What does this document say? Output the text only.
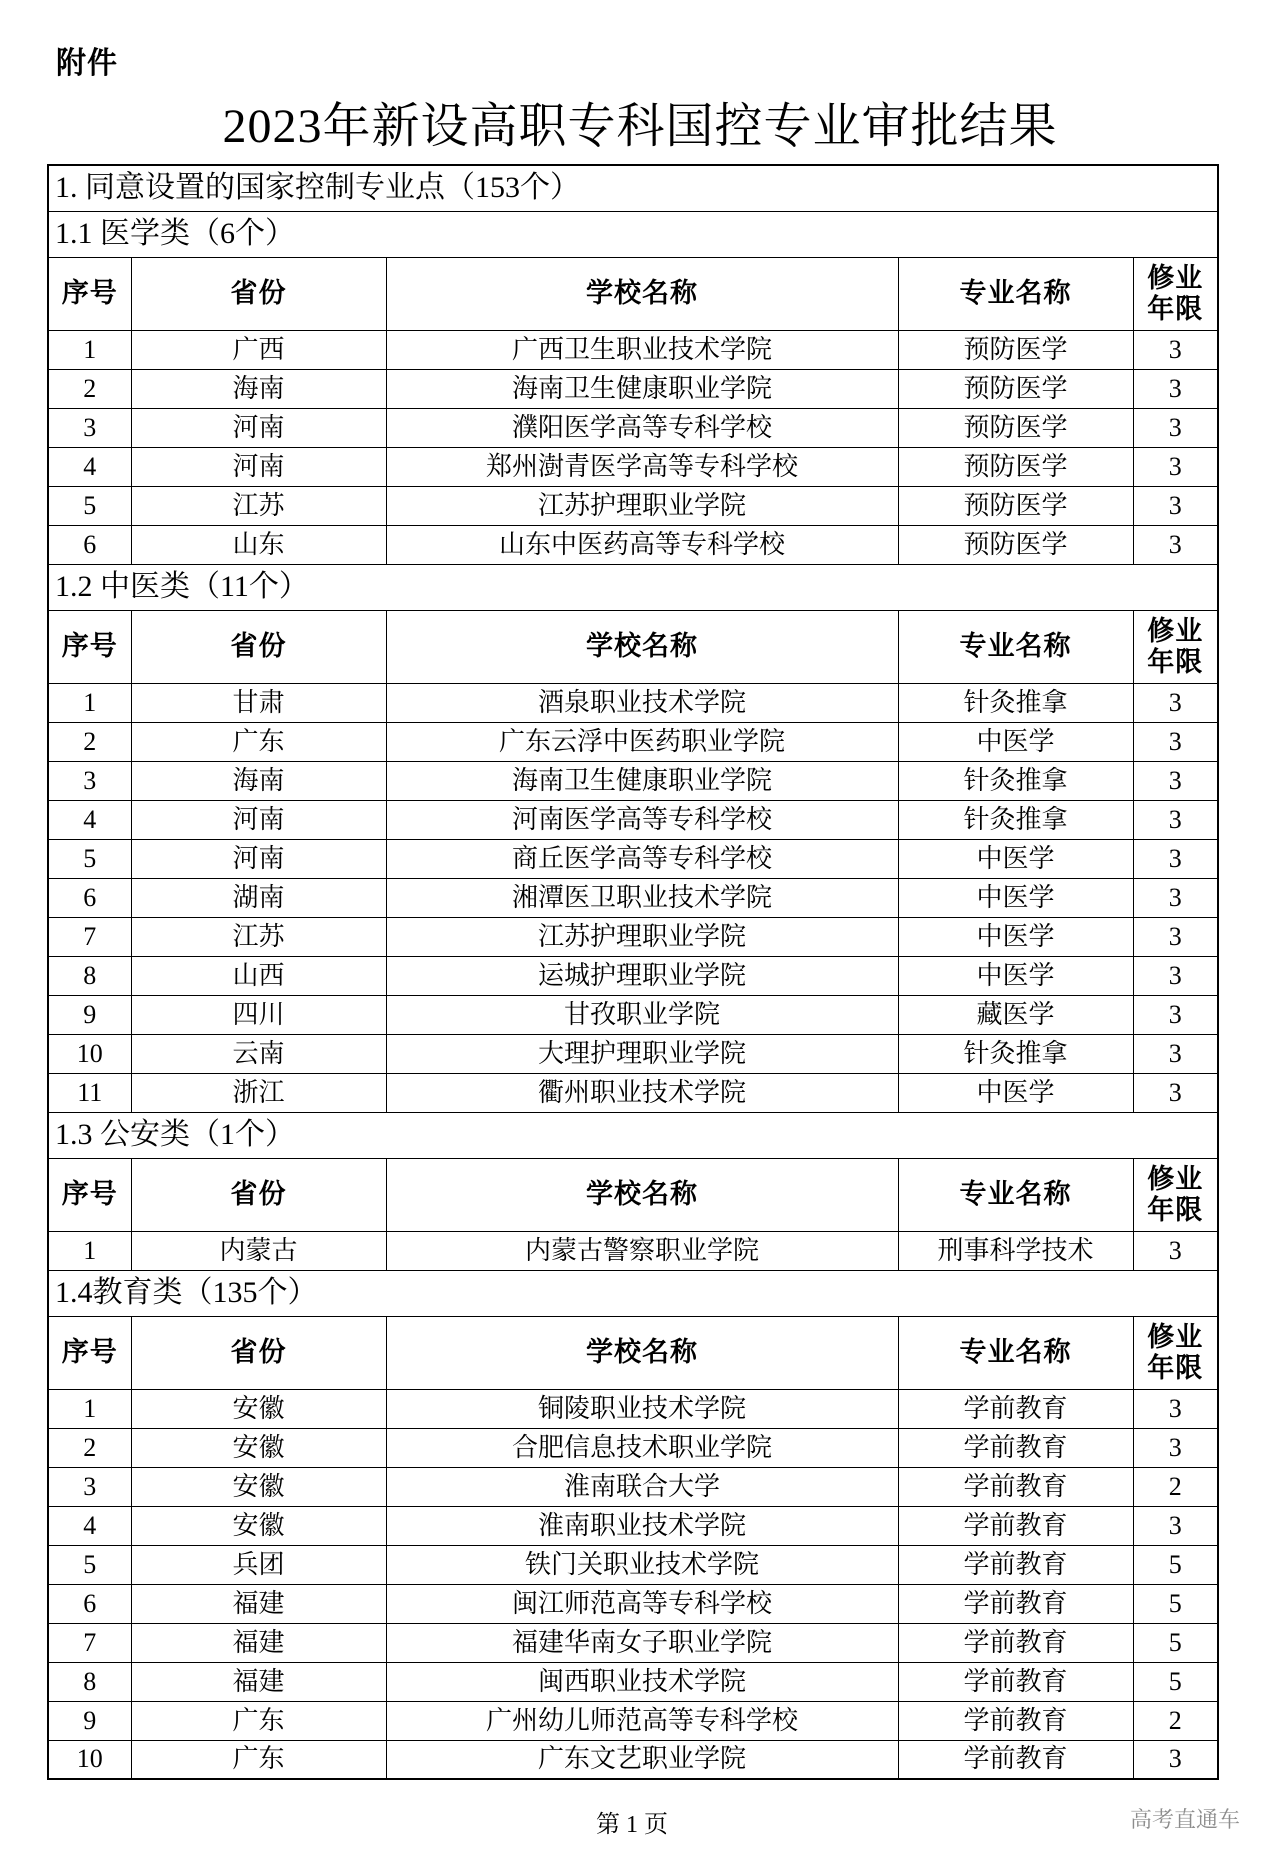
附件
2023年新设高职专科国控专业审批结果
1. 同意设置的国家控制专业点（153个）				
1.1 医学类（6个）				
序号	省份	学校名称	专业名称	修业
年限

1	广西	广西卫生职业技术学院	预防医学	3
2	海南	海南卫生健康职业学院	预防医学	3
3	河南	濮阳医学高等专科学校	预防医学	3
4	河南	郑州澍青医学高等专科学校	预防医学	3
5	江苏	江苏护理职业学院	预防医学	3
6	山东	山东中医药高等专科学校	预防医学	3
1.2 中医类（11个）				
序号	省份	学校名称	专业名称	修业
年限

1	甘肃	酒泉职业技术学院	针灸推拿	3
2	广东	广东云浮中医药职业学院	中医学	3
3	海南	海南卫生健康职业学院	针灸推拿	3
4	河南	河南医学高等专科学校	针灸推拿	3
5	河南	商丘医学高等专科学校	中医学	3
6	湖南	湘潭医卫职业技术学院	中医学	3
7	江苏	江苏护理职业学院	中医学	3
8	山西	运城护理职业学院	中医学	3
9	四川	甘孜职业学院	藏医学	3
10	云南	大理护理职业学院	针灸推拿	3
11	浙江	衢州职业技术学院	中医学	3
1.3 公安类（1个）				
序号	省份	学校名称	专业名称	修业
年限

1	内蒙古	内蒙古警察职业学院	刑事科学技术	3
1.4教育类（135个）				
序号	省份	学校名称	专业名称	修业
年限

1	安徽	铜陵职业技术学院	学前教育	3
2	安徽	合肥信息技术职业学院	学前教育	3
3	安徽	淮南联合大学	学前教育	2
4	安徽	淮南职业技术学院	学前教育	3
5	兵团	铁门关职业技术学院	学前教育	5
6	福建	闽江师范高等专科学校	学前教育	5
7	福建	福建华南女子职业学院	学前教育	5
8	福建	闽西职业技术学院	学前教育	5
9	广东	广州幼儿师范高等专科学校	学前教育	2
10	广东	广东文艺职业学院	学前教育	3
第 1 页	高考直通车
